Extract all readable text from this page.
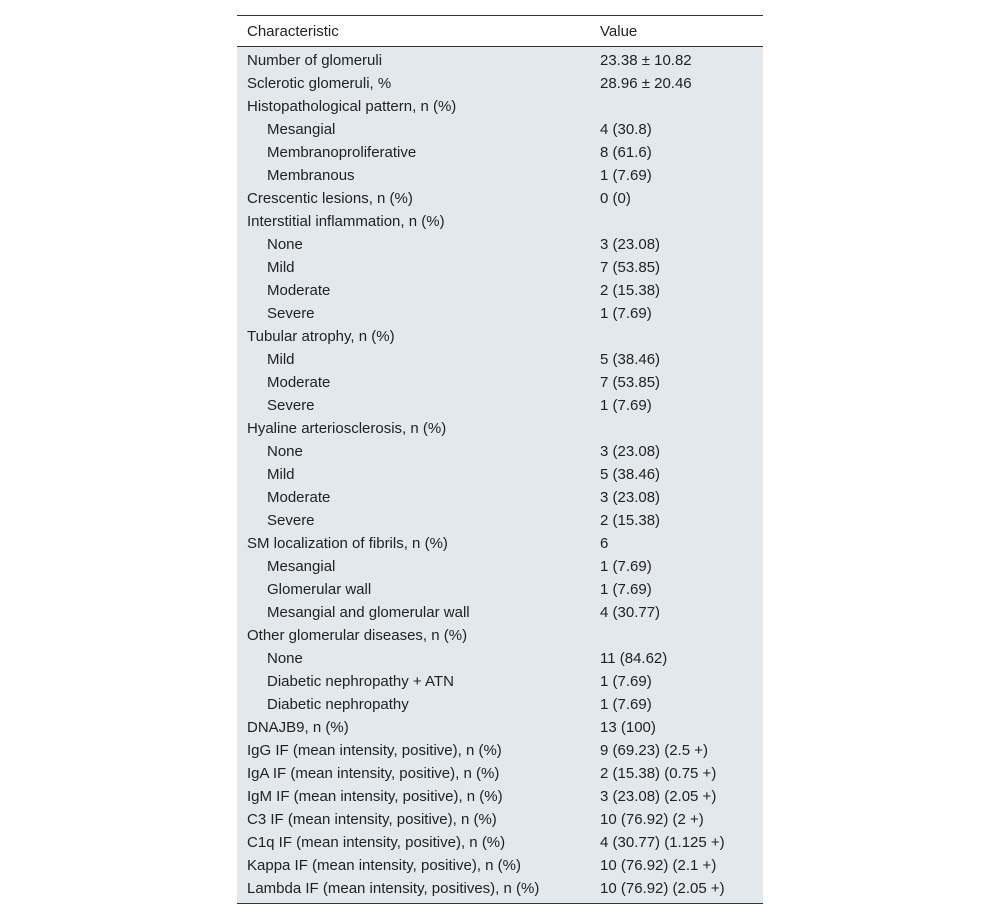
Characteristic	Value
Number of glomeruli	23.38 ± 10.82
Sclerotic glomeruli, %	28.96 ± 20.46
Histopathological pattern, n (%)	
Mesangial	4 (30.8)
Membranoproliferative	8 (61.6)
Membranous	1 (7.69)
Crescentic lesions, n (%)	0 (0)
Interstitial inflammation, n (%)	
None	3 (23.08)
Mild	7 (53.85)
Moderate	2 (15.38)
Severe	1 (7.69)
Tubular atrophy, n (%)	
Mild	5 (38.46)
Moderate	7 (53.85)
Severe	1 (7.69)
Hyaline arteriosclerosis, n (%)	
None	3 (23.08)
Mild	5 (38.46)
Moderate	3 (23.08)
Severe	2 (15.38)
SM localization of fibrils, n (%)	6
Mesangial	1 (7.69)
Glomerular wall	1 (7.69)
Mesangial and glomerular wall	4 (30.77)
Other glomerular diseases, n (%)	
None	11 (84.62)
Diabetic nephropathy + ATN	1 (7.69)
Diabetic nephropathy	1 (7.69)
DNAJB9, n (%)	13 (100)
IgG IF (mean intensity, positive), n (%)	9 (69.23) (2.5 +)
IgA IF (mean intensity, positive), n (%)	2 (15.38) (0.75 +)
IgM IF (mean intensity, positive), n (%)	3 (23.08) (2.05 +)
C3 IF (mean intensity, positive), n (%)	10 (76.92) (2 +)
C1q IF (mean intensity, positive), n (%)	4 (30.77) (1.125 +)
Kappa IF (mean intensity, positive), n (%)	10 (76.92) (2.1 +)
Lambda IF (mean intensity, positives), n (%)	10 (76.92) (2.05 +)
